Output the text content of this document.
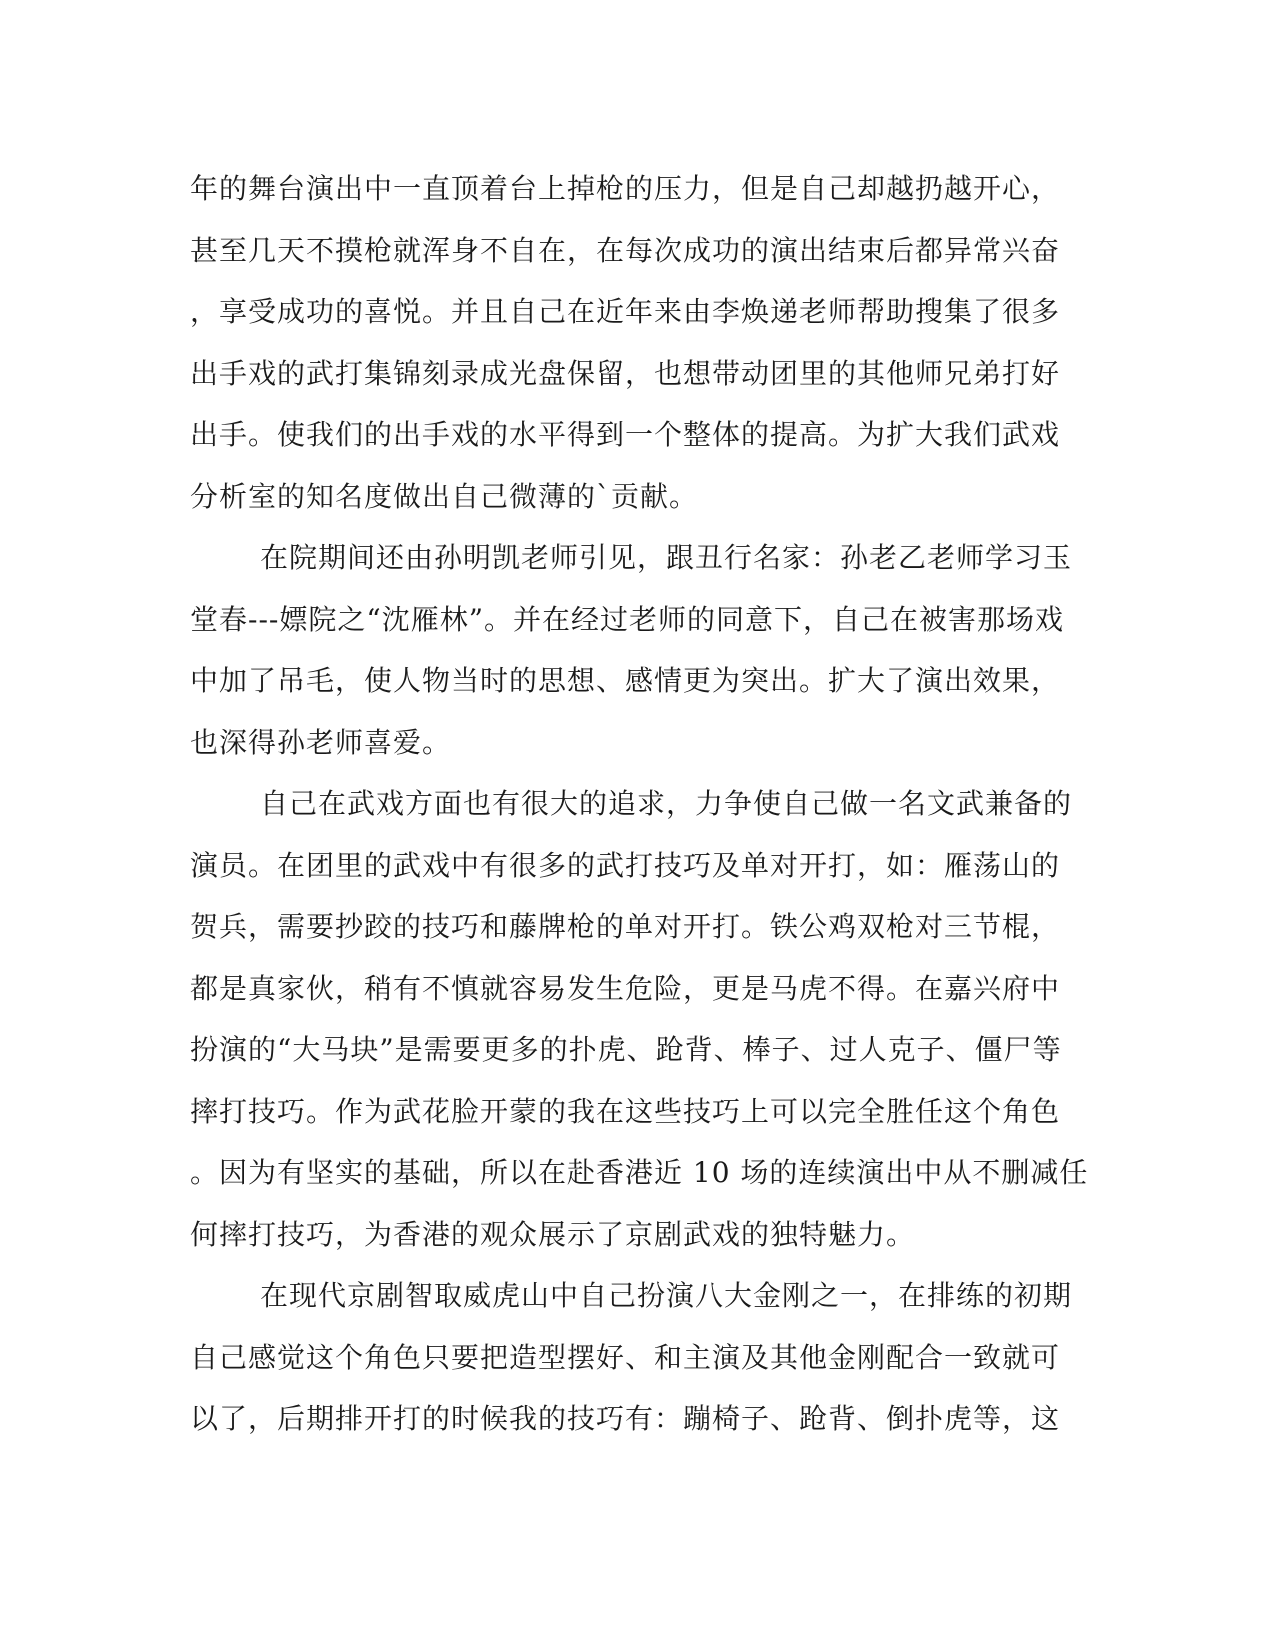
年的舞台演出中一直顶着台上掉枪的压力，但是自己却越扔越开心，
甚至几天不摸枪就浑身不自在，在每次成功的演出结束后都异常兴奋
，享受成功的喜悦。并且自己在近年来由李焕递老师帮助搜集了很多
出手戏的武打集锦刻录成光盘保留，也想带动团里的其他师兄弟打好
出手。使我们的出手戏的水平得到一个整体的提高。为扩大我们武戏
分析室的知名度做出自己微薄的`贡献。
在院期间还由孙明凯老师引见，跟丑行名家：孙老乙老师学习玉
堂春---嫖院之“沈雁林”。并在经过老师的同意下，自己在被害那场戏
中加了吊毛，使人物当时的思想、感情更为突出。扩大了演出效果，
也深得孙老师喜爱。
自己在武戏方面也有很大的追求，力争使自己做一名文武兼备的
演员。在团里的武戏中有很多的武打技巧及单对开打，如：雁荡山的
贺兵，需要抄跤的技巧和藤牌枪的单对开打。铁公鸡双枪对三节棍，
都是真家伙，稍有不慎就容易发生危险，更是马虎不得。在嘉兴府中
扮演的“大马块”是需要更多的扑虎、跄背、棒子、过人克子、僵尸等
摔打技巧。作为武花脸开蒙的我在这些技巧上可以完全胜任这个角色
。因为有坚实的基础，所以在赴香港近 10 场的连续演出中从不删减任
何摔打技巧，为香港的观众展示了京剧武戏的独特魅力。
在现代京剧智取威虎山中自己扮演八大金刚之一，在排练的初期
自己感觉这个角色只要把造型摆好、和主演及其他金刚配合一致就可
以了，后期排开打的时候我的技巧有：蹦椅子、跄背、倒扑虎等，这
